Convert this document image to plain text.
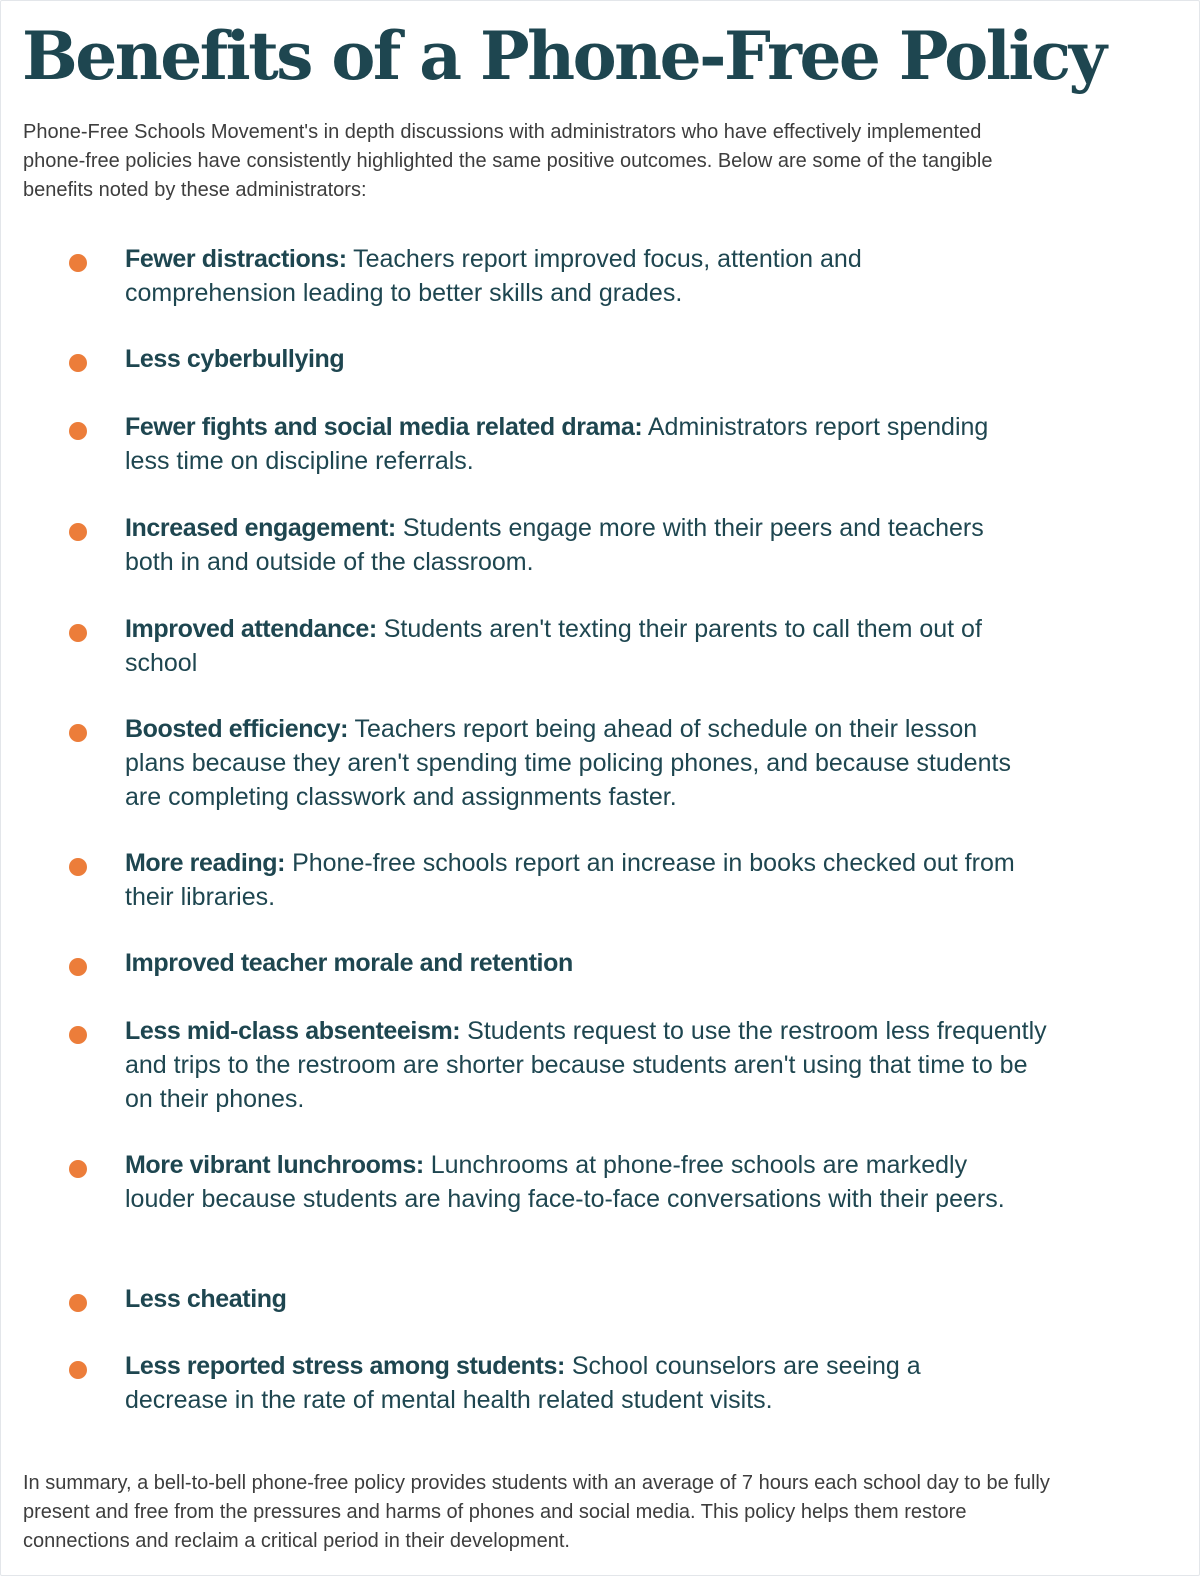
Benefits of a Phone-Free Policy

Phone-Free Schools Movement's in depth discussions with administrators who have effectively implemented phone-free policies have consistently highlighted the same positive outcomes. Below are some of the tangible benefits noted by these administrators:

Fewer distractions: Teachers report improved focus, attention and comprehension leading to better skills and grades.

Less cyberbullying

Fewer fights and social media related drama: Administrators report spending less time on discipline referrals.

Increased engagement: Students engage more with their peers and teachers both in and outside of the classroom.

Improved attendance: Students aren't texting their parents to call them out of school

Boosted efficiency: Teachers report being ahead of schedule on their lesson plans because they aren't spending time policing phones, and because students are completing classwork and assignments faster.

More reading: Phone-free schools report an increase in books checked out from their libraries.

Improved teacher morale and retention

Less mid-class absenteeism: Students request to use the restroom less frequently and trips to the restroom are shorter because students aren't using that time to be on their phones.

More vibrant lunchrooms: Lunchrooms at phone-free schools are markedly louder because students are having face-to-face conversations with their peers.

Less cheating

Less reported stress among students: School counselors are seeing a decrease in the rate of mental health related student visits.

In summary, a bell-to-bell phone-free policy provides students with an average of 7 hours each school day to be fully present and free from the pressures and harms of phones and social media. This policy helps them restore connections and reclaim a critical period in their development.
